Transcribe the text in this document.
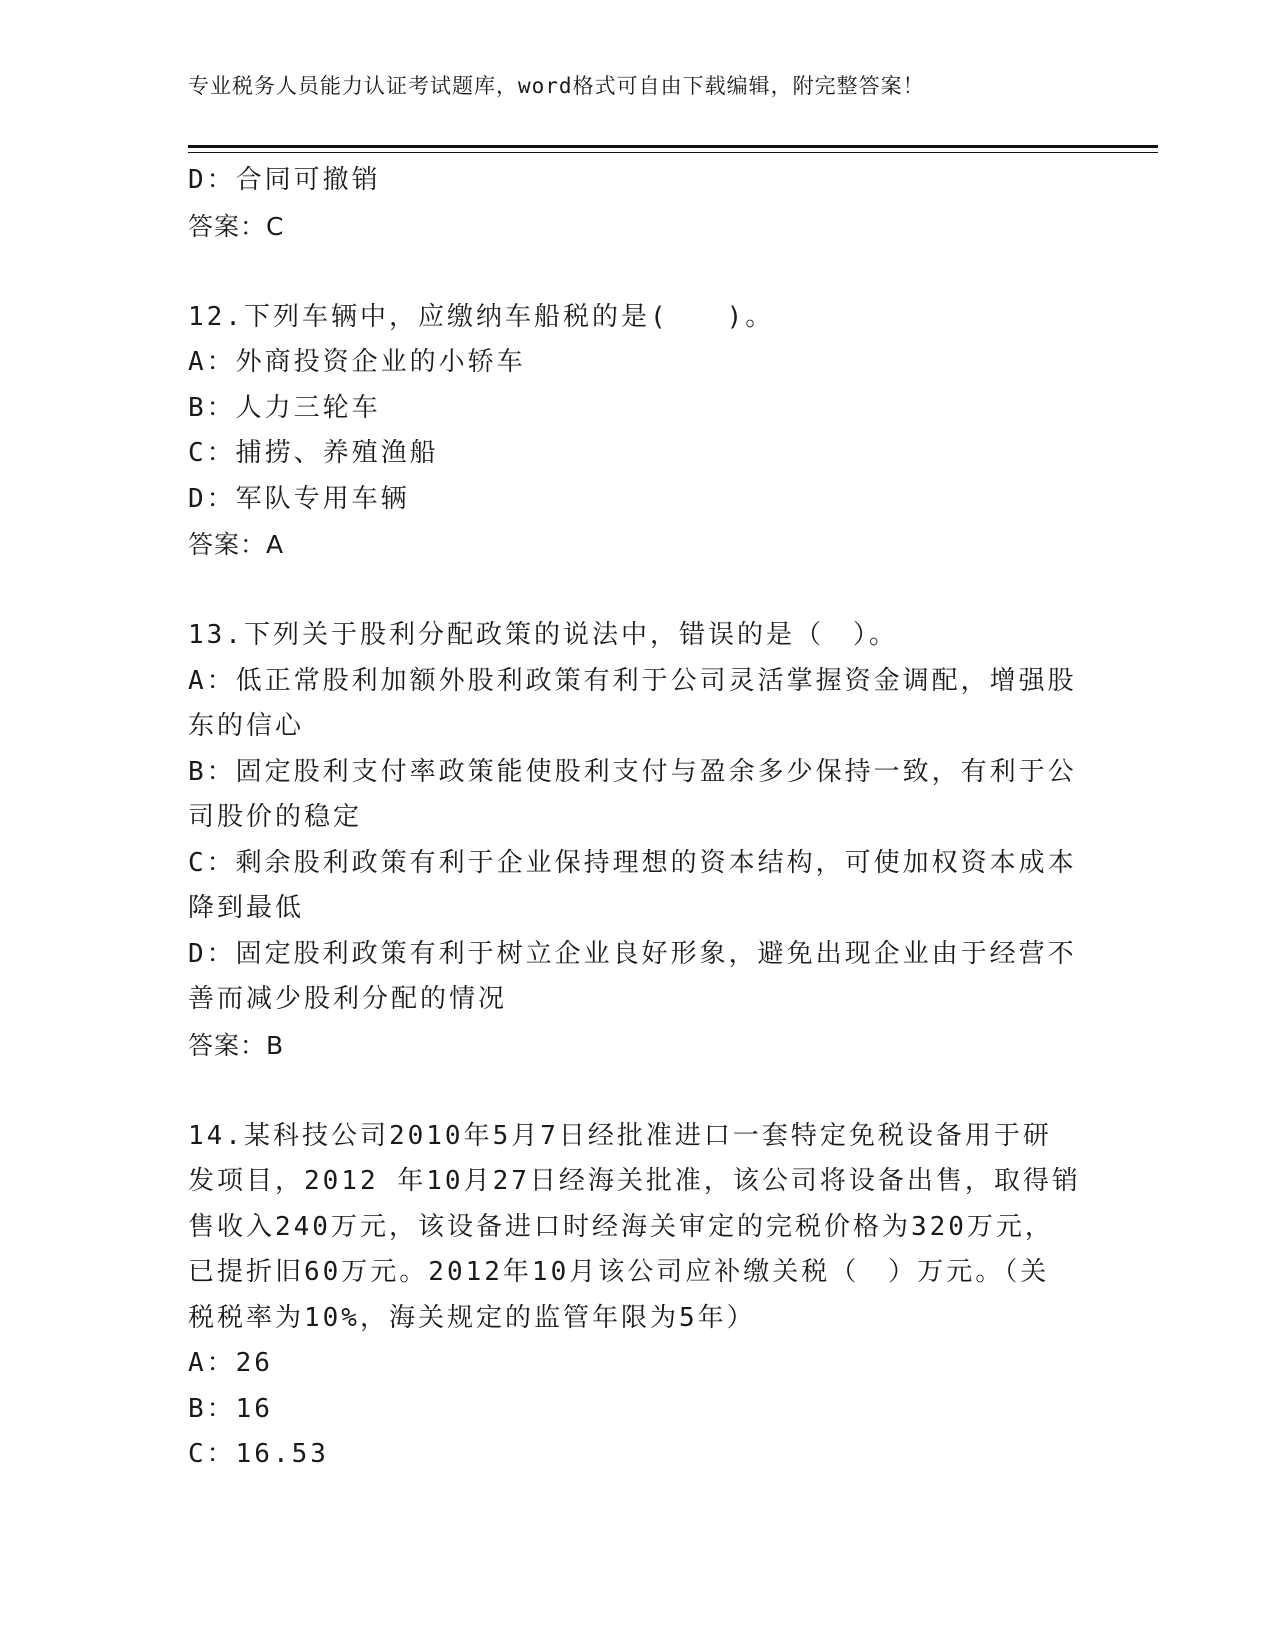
专业税务人员能力认证考试题库，word格式可自由下载编辑，附完整答案！
D：合同可撤销
答案：C
12.下列车辆中，应缴纳车船税的是(　　)。
A：外商投资企业的小轿车
B：人力三轮车
C：捕捞、养殖渔船
D：军队专用车辆
答案：A
13.下列关于股利分配政策的说法中，错误的是（　）。
A：低正常股利加额外股利政策有利于公司灵活掌握资金调配，增强股
东的信心
B：固定股利支付率政策能使股利支付与盈余多少保持一致，有利于公
司股价的稳定
C：剩余股利政策有利于企业保持理想的资本结构，可使加权资本成本
降到最低
D：固定股利政策有利于树立企业良好形象，避免出现企业由于经营不
善而减少股利分配的情况
答案：B
14.某科技公司2010年5月7日经批准进口一套特定免税设备用于研
发项目，2012 年10月27日经海关批准，该公司将设备出售，取得销
售收入240万元，该设备进口时经海关审定的完税价格为320万元，
已提折旧60万元。2012年10月该公司应补缴关税（　）万元。（关
税税率为10%，海关规定的监管年限为5年）
A：26
B：16
C：16.53
